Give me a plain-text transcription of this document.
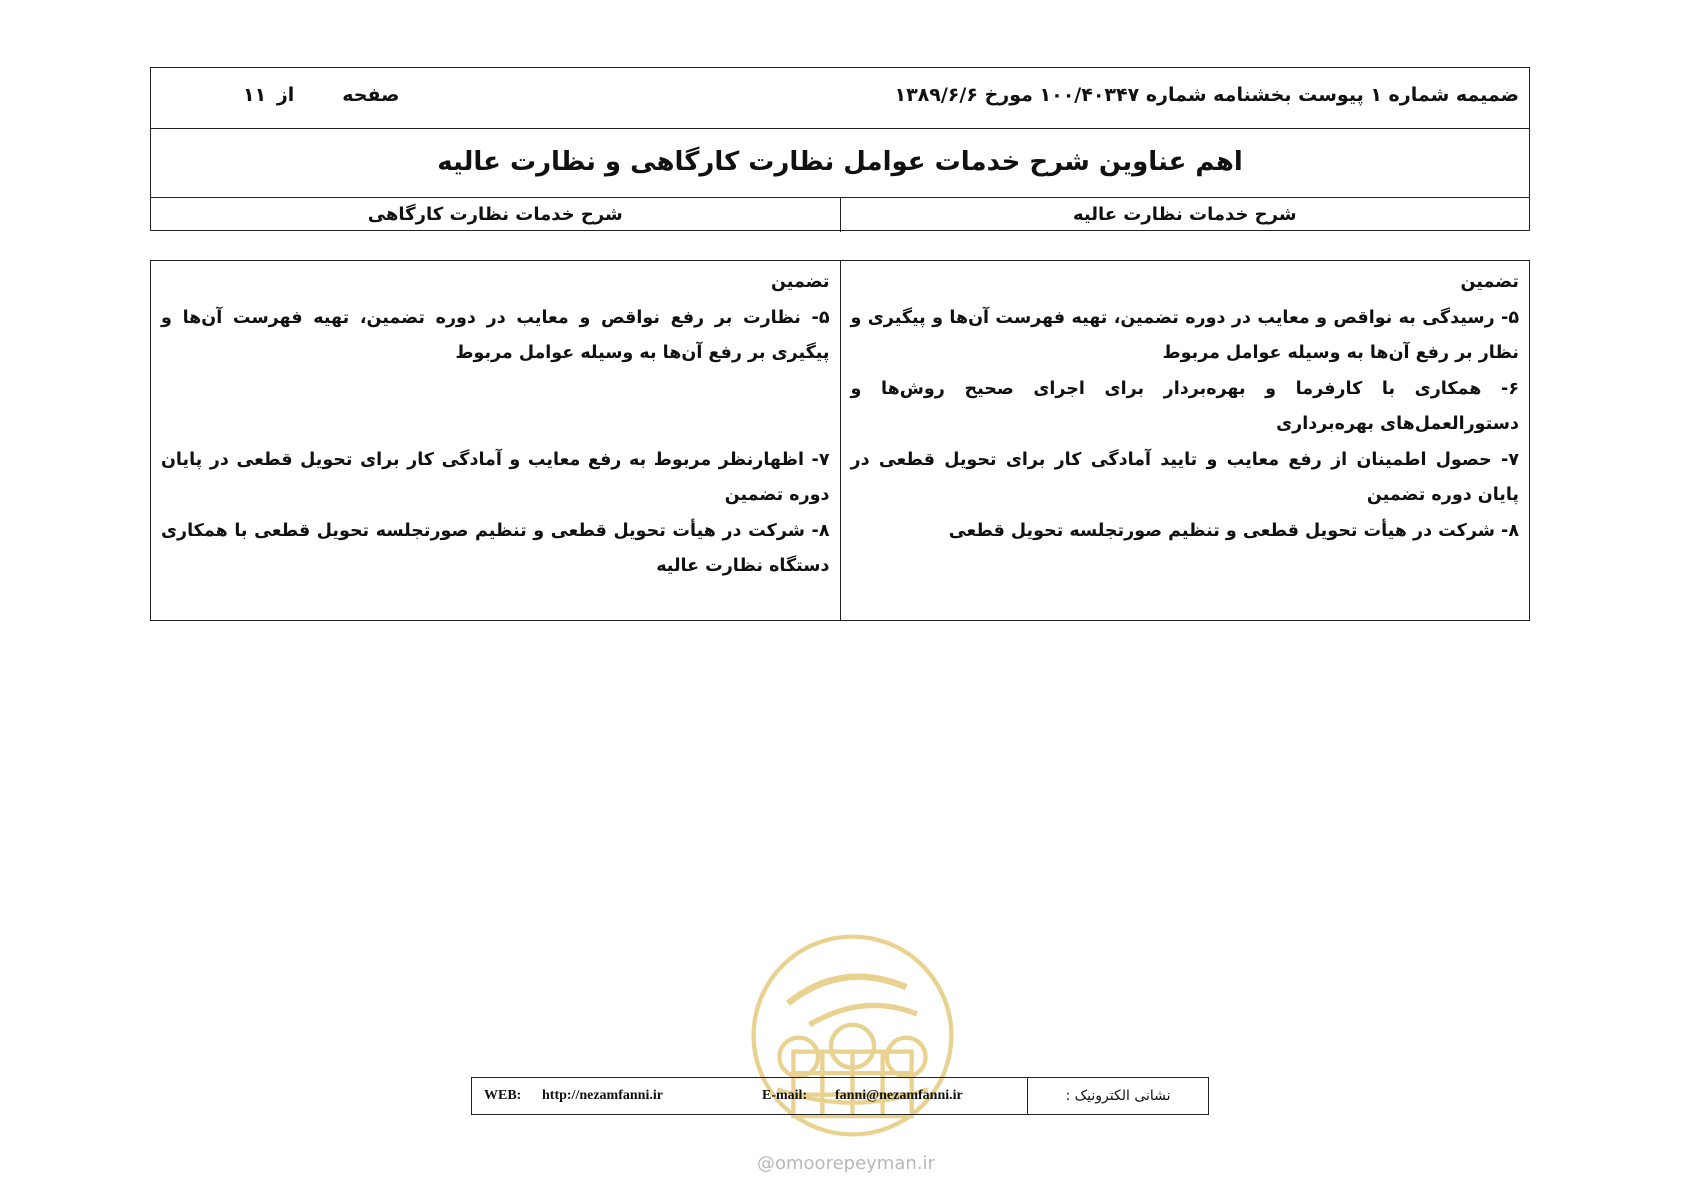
ضمیمه شماره ۱ پیوست بخشنامه شماره ۱۰۰/۴۰۳۴۷ مورخ ۱۳۸۹/۶/۶
صفحهاز ۱۱
اهم عناوین شرح خدمات عوامل نظارت کارگاهی و نظارت عالیه
شرح خدمات نظارت عالیه
شرح خدمات نظارت کارگاهی

تضمین

۵- رسیدگی به نواقص و معایب در دوره تضمین، تهیه فهرست آن‌ها و پیگیری و نظار بر رفع آن‌ها به وسیله عوامل مربوط

۶- همکاری با کارفرما و بهره‌بردار برای اجرای صحیح روش‌ها و دستورالعمل‌های بهره‌برداری

۷- حصول اطمینان از رفع معایب و تایید آمادگی کار برای تحویل قطعی در پایان دوره تضمین

۸- شرکت در هیأت تحویل قطعی و تنظیم صورتجلسه تحویل قطعی

تضمین

۵- نظارت بر رفع نواقص و معایب در دوره تضمین، تهیه فهرست آن‌ها و پیگیری بر رفع آن‌ها به وسیله عوامل مربوط

۷- اظهارنظر مربوط به رفع معایب و آمادگی کار برای تحویل قطعی در پایان دوره تضمین

۸- شرکت در هیأت تحویل قطعی و تنظیم صورتجلسه تحویل قطعی با همکاری دستگاه نظارت عالیه

WEB: http://nezamfanni.ir	E-mail: fanni@nezamfanni.ir	نشانی الکترونیک :
@omoorepeyman.ir
